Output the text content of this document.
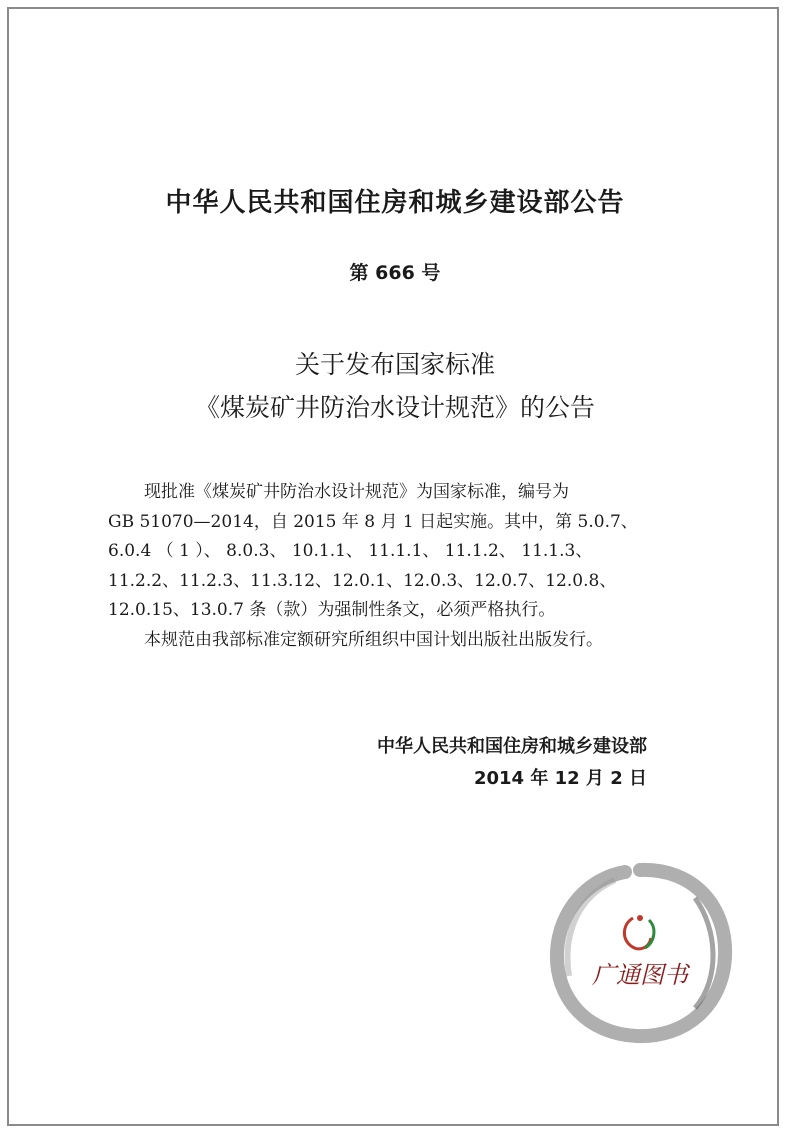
中华人民共和国住房和城乡建设部公告
第 666 号
关于发布国家标准
《煤炭矿井防治水设计规范》的公告

现批准《煤炭矿井防治水设计规范》为国家标准，编号为
GB 51070—2014，自 2015 年 8 月 1 日起实施。其中，第 5.0.7、
6.0.4 （ 1 ）、 8.0.3、 10.1.1、 11.1.1、 11.1.2、 11.1.3、
11.2.2、11.2.3、11.3.12、12.0.1、12.0.3、12.0.7、12.0.8、
12.0.15、13.0.7 条（款）为强制性条文，必须严格执行。

本规范由我部标准定额研究所组织中国计划出版社出版发行。

中华人民共和国住房和城乡建设部
2014 年 12 月 2 日
广通图书
